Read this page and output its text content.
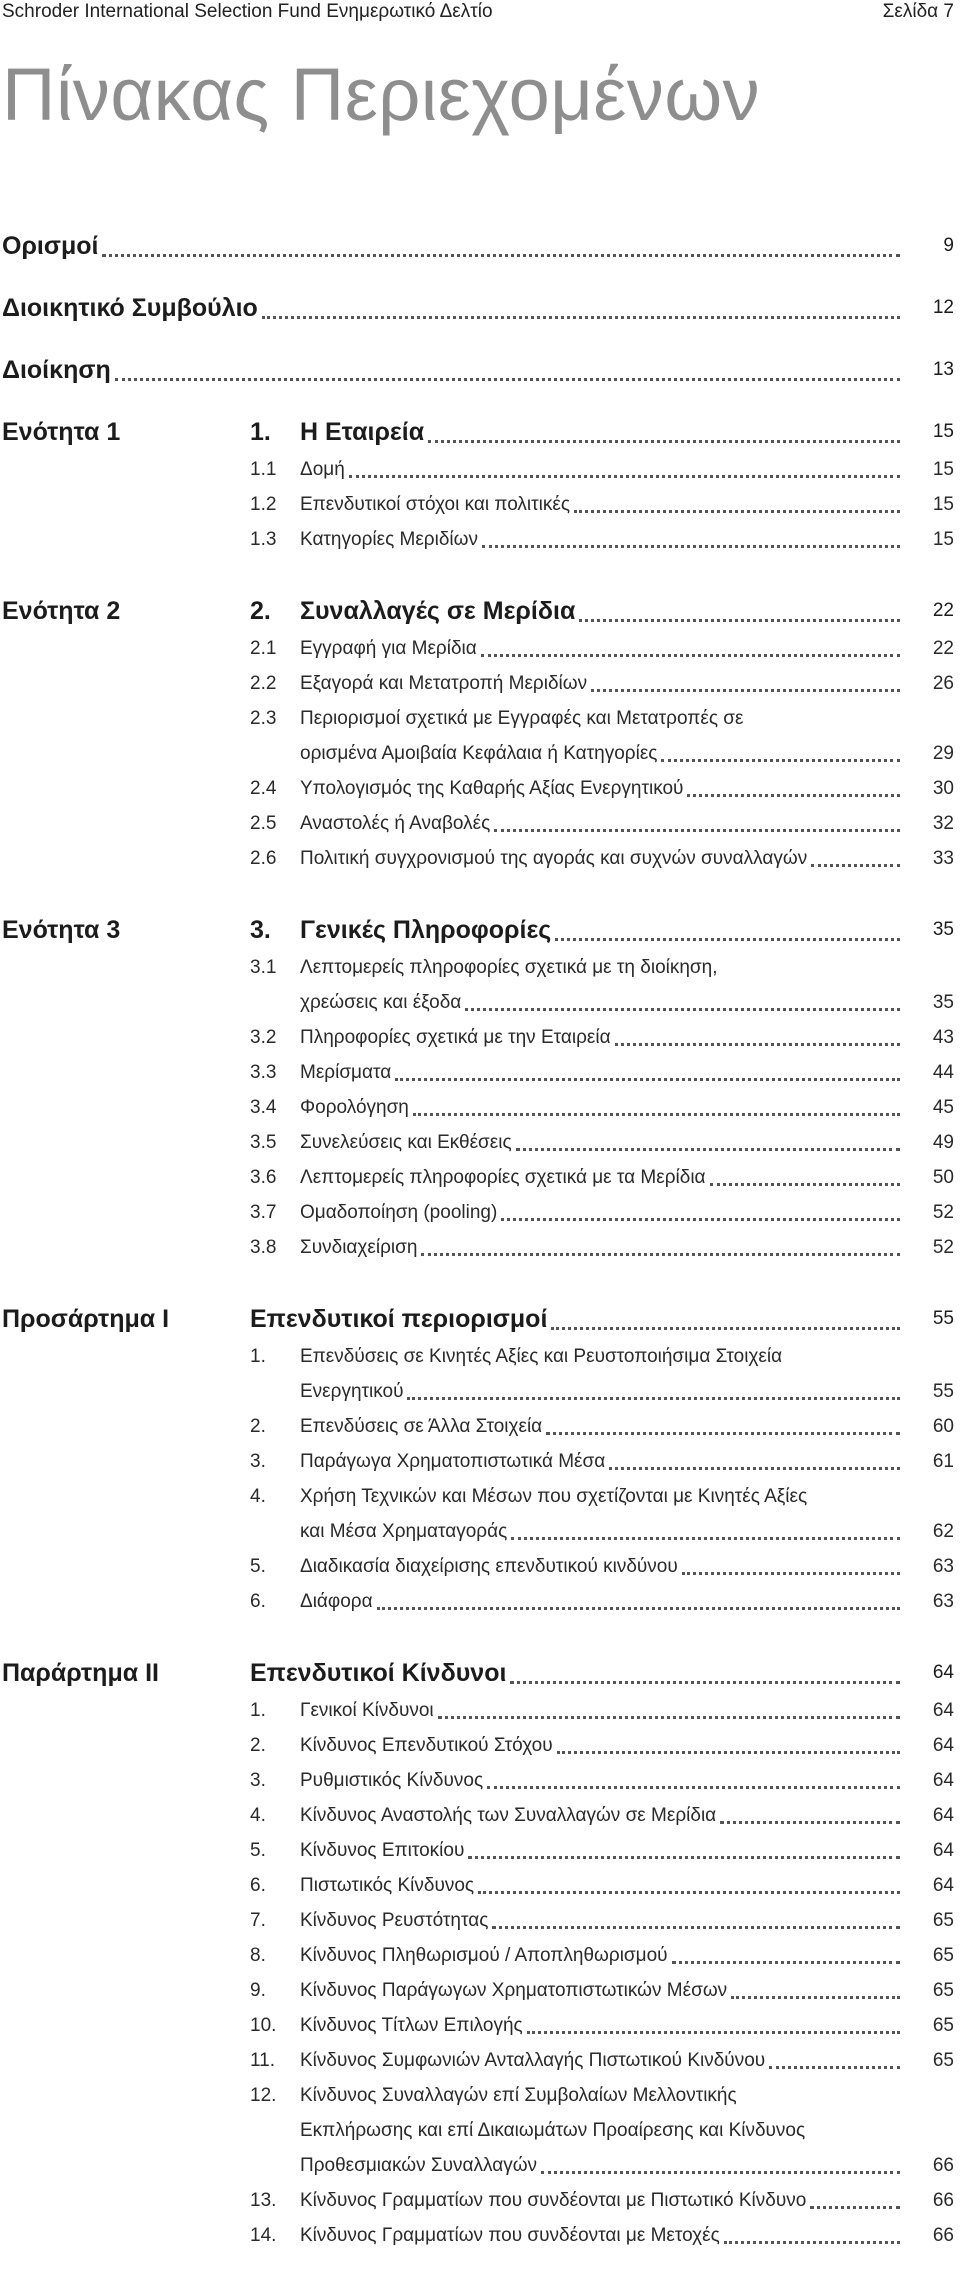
Schroder International Selection Fund Ενημερωτικό Δελτίο	Σελίδα 7
Πίνακας Περιεχομένων
Ορισμοί	9
Διοικητικό Συμβούλιο	12
Διοίκηση	13
Ενότητα 1	1.	Η Εταιρεία	15
1.1	Δομή	15
1.2	Επενδυτικοί στόχοι και πολιτικές	15
1.3	Κατηγορίες Μεριδίων	15
Ενότητα 2	2.	Συναλλαγές σε Μερίδια	22
2.1	Εγγραφή για Μερίδια	22
2.2	Εξαγορά και Μετατροπή Μεριδίων	26
2.3	Περιορισμοί σχετικά με Εγγραφές και Μετατροπές σε
ορισμένα Αμοιβαία Κεφάλαια ή Κατηγορίες	29
2.4	Υπολογισμός της Καθαρής Αξίας Ενεργητικού	30
2.5	Αναστολές ή Αναβολές	32
2.6	Πολιτική συγχρονισμού της αγοράς και συχνών συναλλαγών	33
Ενότητα 3	3.	Γενικές Πληροφορίες	35
3.1	Λεπτομερείς πληροφορίες σχετικά με τη διοίκηση,
χρεώσεις και έξοδα	35
3.2	Πληροφορίες σχετικά με την Εταιρεία	43
3.3	Μερίσματα	44
3.4	Φορολόγηση	45
3.5	Συνελεύσεις και Εκθέσεις	49
3.6	Λεπτομερείς πληροφορίες σχετικά με τα Μερίδια	50
3.7	Ομαδοποίηση (pooling)	52
3.8	Συνδιαχείριση	52
Προσάρτημα Ι	Επενδυτικοί περιορισμοί	55
1.	Επενδύσεις σε Κινητές Αξίες και Ρευστοποιήσιμα Στοιχεία
Ενεργητικού	55
2.	Επενδύσεις σε Άλλα Στοιχεία	60
3.	Παράγωγα Χρηματοπιστωτικά Μέσα	61
4.	Χρήση Τεχνικών και Μέσων που σχετίζονται με Κινητές Αξίες
και Μέσα Χρηματαγοράς	62
5.	Διαδικασία διαχείρισης επενδυτικού κινδύνου	63
6.	Διάφορα	63
Παράρτημα ΙΙ	Επενδυτικοί Κίνδυνοι	64
1.	Γενικοί Κίνδυνοι	64
2.	Κίνδυνος Επενδυτικού Στόχου	64
3.	Ρυθμιστικός Κίνδυνος	64
4.	Κίνδυνος Αναστολής των Συναλλαγών σε Μερίδια	64
5.	Κίνδυνος Επιτοκίου	64
6.	Πιστωτικός Κίνδυνος	64
7.	Κίνδυνος Ρευστότητας	65
8.	Κίνδυνος Πληθωρισμού / Αποπληθωρισμού	65
9.	Κίνδυνος Παράγωγων Χρηματοπιστωτικών Μέσων	65
10.	Κίνδυνος Τίτλων Επιλογής	65
11.	Κίνδυνος Συμφωνιών Ανταλλαγής Πιστωτικού Κινδύνου	65
12.	Κίνδυνος Συναλλαγών επί Συμβολαίων Μελλοντικής
Εκπλήρωσης και επί Δικαιωμάτων Προαίρεσης και Κίνδυνος
Προθεσμιακών Συναλλαγών	66
13.	Κίνδυνος Γραμματίων που συνδέονται με Πιστωτικό Κίνδυνο	66
14.	Κίνδυνος Γραμματίων που συνδέονται με Μετοχές	66
